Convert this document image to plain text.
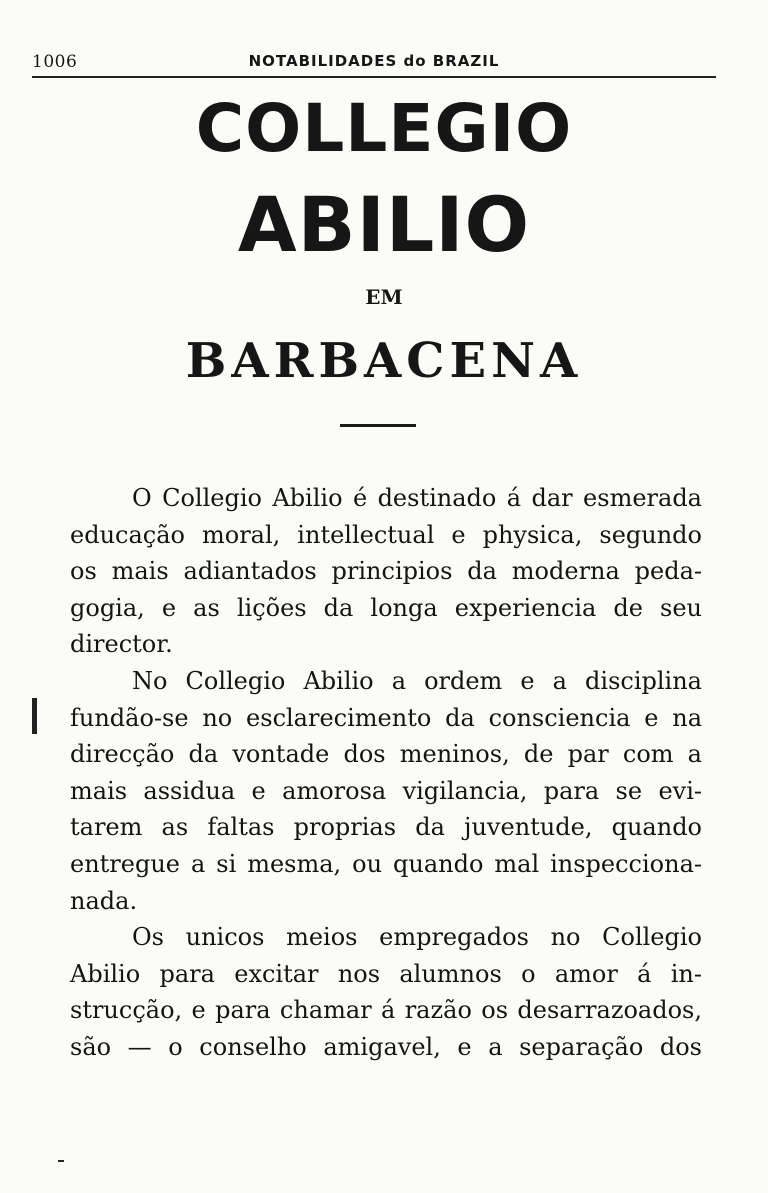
1006	NOTABILIDADES do BRAZIL
COLLEGIO
ABILIO
EM
BARBACENA
O Collegio Abilio é destinado á dar esmerada
educação moral, intellectual e physica, segundo
os mais adiantados principios da moderna peda-
gogia, e as lições da longa experiencia de seu
director.
No Collegio Abilio a ordem e a disciplina
fundão-se no esclarecimento da consciencia e na
direcção da vontade dos meninos, de par com a
mais assidua e amorosa vigilancia, para se evi-
tarem as faltas proprias da juventude, quando
entregue a si mesma, ou quando mal inspecciona-
nada.
Os unicos meios empregados no Collegio
Abilio para excitar nos alumnos o amor á in-
strucção, e para chamar á razão os desarrazoados,
são — o conselho amigavel, e a separação dos
